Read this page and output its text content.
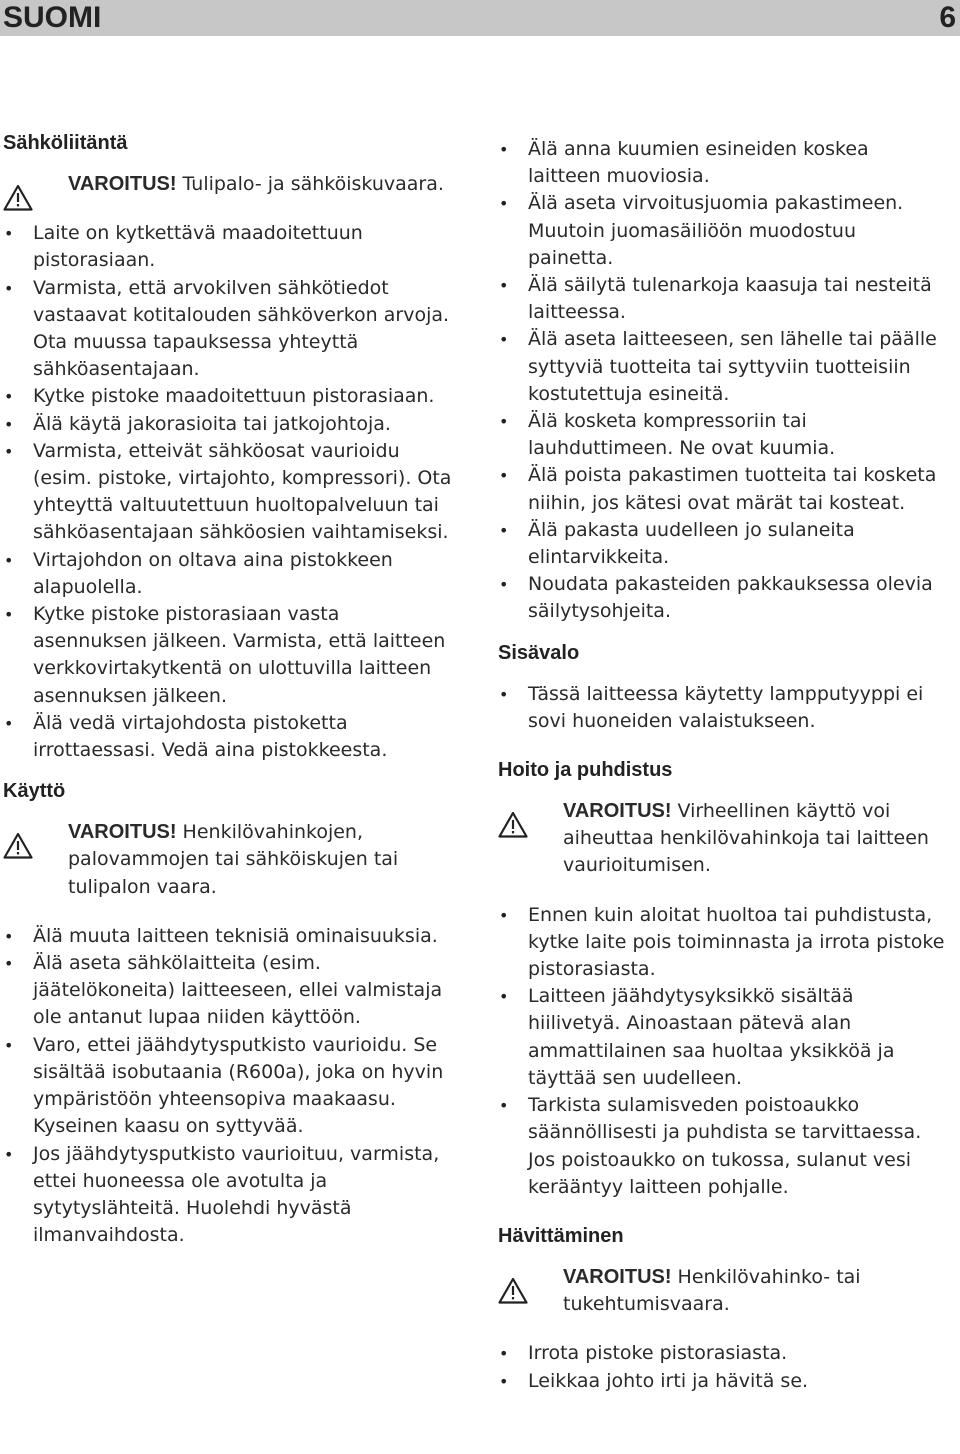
SUOMI	6
Sähköliitäntä
VAROITUS! Tulipalo- ja sähköiskuvaara.
• Laite on kytkettävä maadoitettuun pistorasiaan.
• Varmista, että arvokilven sähkötiedot vastaavat kotitalouden sähköverkon arvoja. Ota muussa tapauksessa yhteyttä sähköasentajaan.
• Kytke pistoke maadoitettuun pistorasiaan.
• Älä käytä jakorasioita tai jatkojohtoja.
• Varmista, etteivät sähköosat vaurioidu (esim. pistoke, virtajohto, kompressori). Ota yhteyttä valtuutettuun huoltopalveluun tai sähköasentajaan sähköosien vaihtamiseksi.
• Virtajohdon on oltava aina pistokkeen alapuolella.
• Kytke pistoke pistorasiaan vasta asennuksen jälkeen. Varmista, että laitteen verkkovirtakytkentä on ulottuvilla laitteen asennuksen jälkeen.
• Älä vedä virtajohdosta pistoketta irrottaessasi. Vedä aina pistokkeesta.
Käyttö
VAROITUS! Henkilövahinkojen, palovammojen tai sähköiskujen tai tulipalon vaara.
• Älä muuta laitteen teknisiä ominaisuuksia.
• Älä aseta sähkölaitteita (esim. jäätelökoneita) laitteeseen, ellei valmistaja ole antanut lupaa niiden käyttöön.
• Varo, ettei jäähdytysputkisto vaurioidu. Se sisältää isobutaania (R600a), joka on hyvin ympäristöön yhteensopiva maakaasu. Kyseinen kaasu on syttyvää.
• Jos jäähdytysputkisto vaurioituu, varmista, ettei huoneessa ole avotulta ja sytytyslähteitä. Huolehdi hyvästä ilmanvaihdosta.
• Älä anna kuumien esineiden koskea laitteen muoviosia.
• Älä aseta virvoitusjuomia pakastimeen. Muutoin juomasäiliöön muodostuu painetta.
• Älä säilytä tulenarkoja kaasuja tai nesteitä laitteessa.
• Älä aseta laitteeseen, sen lähelle tai päälle syttyviä tuotteita tai syttyviin tuotteisiin kostutettuja esineitä.
• Älä kosketa kompressoriin tai lauhduttimeen. Ne ovat kuumia.
• Älä poista pakastimen tuotteita tai kosketa niihin, jos kätesi ovat märät tai kosteat.
• Älä pakasta uudelleen jo sulaneita elintarvikkeita.
• Noudata pakasteiden pakkauksessa olevia säilytysohjeita.
Sisävalo
• Tässä laitteessa käytetty lampputyyppi ei sovi huoneiden valaistukseen.
Hoito ja puhdistus
VAROITUS! Virheellinen käyttö voi aiheuttaa henkilövahinkoja tai laitteen vaurioitumisen.
• Ennen kuin aloitat huoltoa tai puhdistusta, kytke laite pois toiminnasta ja irrota pistoke pistorasiasta.
• Laitteen jäähdytysyksikkö sisältää hiilivetyä. Ainoastaan pätevä alan ammattilainen saa huoltaa yksikköä ja täyttää sen uudelleen.
• Tarkista sulamisveden poistoaukko säännöllisesti ja puhdista se tarvittaessa. Jos poistoaukko on tukossa, sulanut vesi kerääntyy laitteen pohjalle.
Hävittäminen
VAROITUS! Henkilövahinko- tai tukehtumisvaara.
• Irrota pistoke pistorasiasta.
• Leikkaa johto irti ja hävitä se.
